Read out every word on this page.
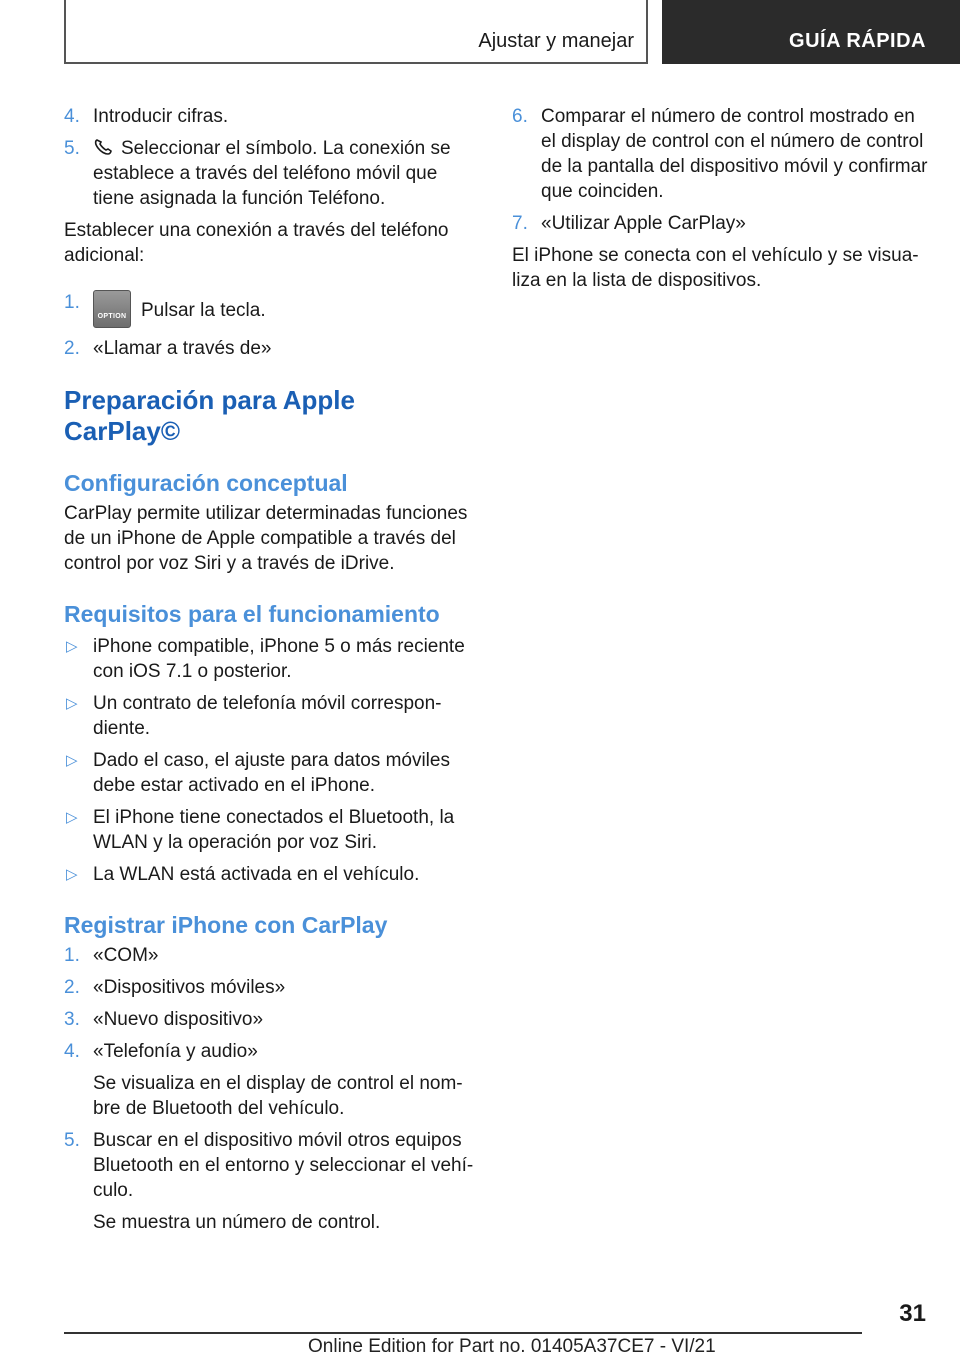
Ajustar y manejar	GUÍA RÁPIDA
4. Introducir cifras.
5. Seleccionar el símbolo. La conexión se establece a través del teléfono móvil que tiene asignada la función Teléfono.

Establecer una conexión a través del teléfono adicional:

1.
OPTION Pulsar la tecla.
2. «Llamar a través de»
Preparación para Apple CarPlay©
Configuración conceptual

CarPlay permite utilizar determinadas funciones de un iPhone de Apple compatible a través del control por voz Siri y a través de iDrive.

Requisitos para el funcionamiento
▷ iPhone compatible, iPhone 5 o más reciente con iOS 7.1 o posterior.
▷ Un contrato de telefonía móvil correspon-diente.
▷ Dado el caso, el ajuste para datos móviles debe estar activado en el iPhone.
▷ El iPhone tiene conectados el Bluetooth, la WLAN y la operación por voz Siri.
▷ La WLAN está activada en el vehículo.
Registrar iPhone con CarPlay
1. «COM»
2. «Dispositivos móviles»
3. «Nuevo dispositivo»
4. «Telefonía y audio»

Se visualiza en el display de control el nom-bre de Bluetooth del vehículo.

5. Buscar en el dispositivo móvil otros equipos Bluetooth en el entorno y seleccionar el vehí-culo.

Se muestra un número de control.

6. Comparar el número de control mostrado en el display de control con el número de control de la pantalla del dispositivo móvil y confirmar que coinciden.
7. «Utilizar Apple CarPlay»

El iPhone se conecta con el vehículo y se visua-liza en la lista de dispositivos.

31
Online Edition for Part no. 01405A37CE7 - VI/21
